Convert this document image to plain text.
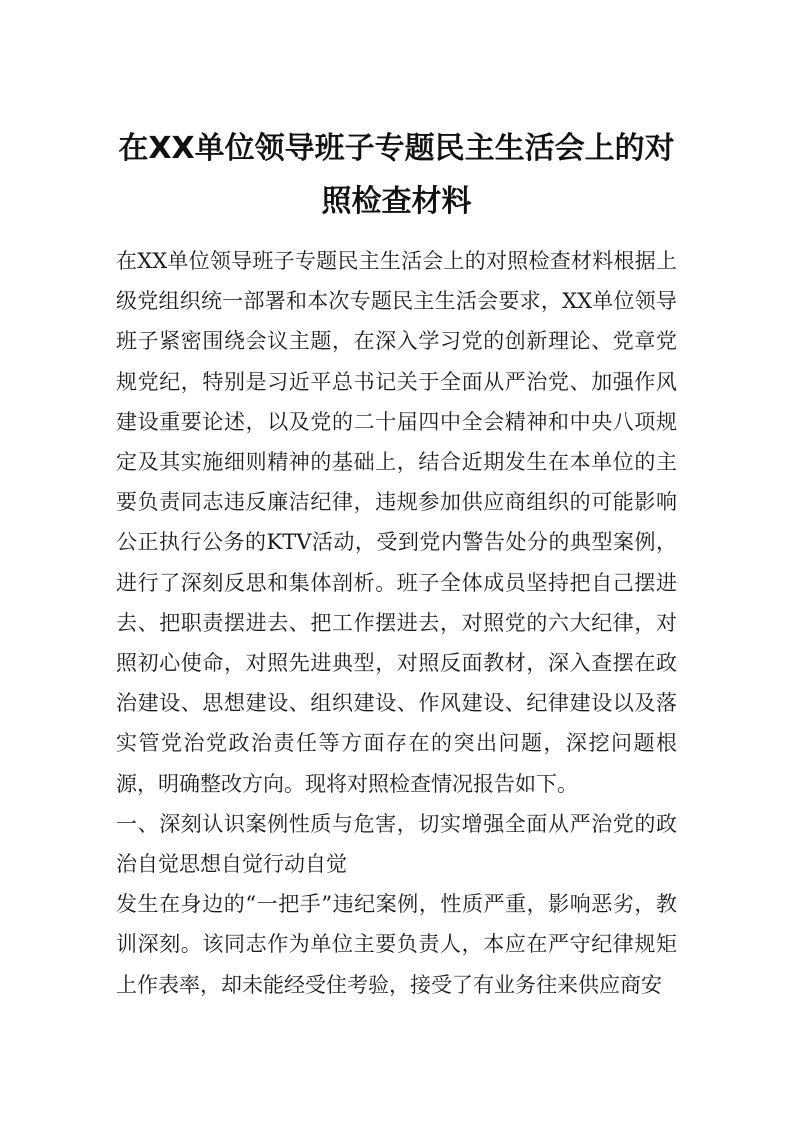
在XX单位领导班子专题民主生活会上的对照检查材料

在XX单位领导班子专题民主生活会上的对照检查材料根据上级党组织统一部署和本次专题民主生活会要求，XX单位领导班子紧密围绕会议主题，在深入学习党的创新理论、党章党规党纪，特别是习近平总书记关于全面从严治党、加强作风建设重要论述，以及党的二十届四中全会精神和中央八项规定及其实施细则精神的基础上，结合近期发生在本单位的主要负责同志违反廉洁纪律，违规参加供应商组织的可能影响公正执行公务的KTV活动，受到党内警告处分的典型案例，进行了深刻反思和集体剖析。班子全体成员坚持把自己摆进去、把职责摆进去、把工作摆进去，对照党的六大纪律，对照初心使命，对照先进典型，对照反面教材，深入查摆在政治建设、思想建设、组织建设、作风建设、纪律建设以及落实管党治党政治责任等方面存在的突出问题，深挖问题根源，明确整改方向。现将对照检查情况报告如下。

一、深刻认识案例性质与危害，切实增强全面从严治党的政治自觉思想自觉行动自觉

发生在身边的“一把手”违纪案例，性质严重，影响恶劣，教训深刻。该同志作为单位主要负责人，本应在严守纪律规矩上作表率，却未能经受住考验，接受了有业务往来供应商安
